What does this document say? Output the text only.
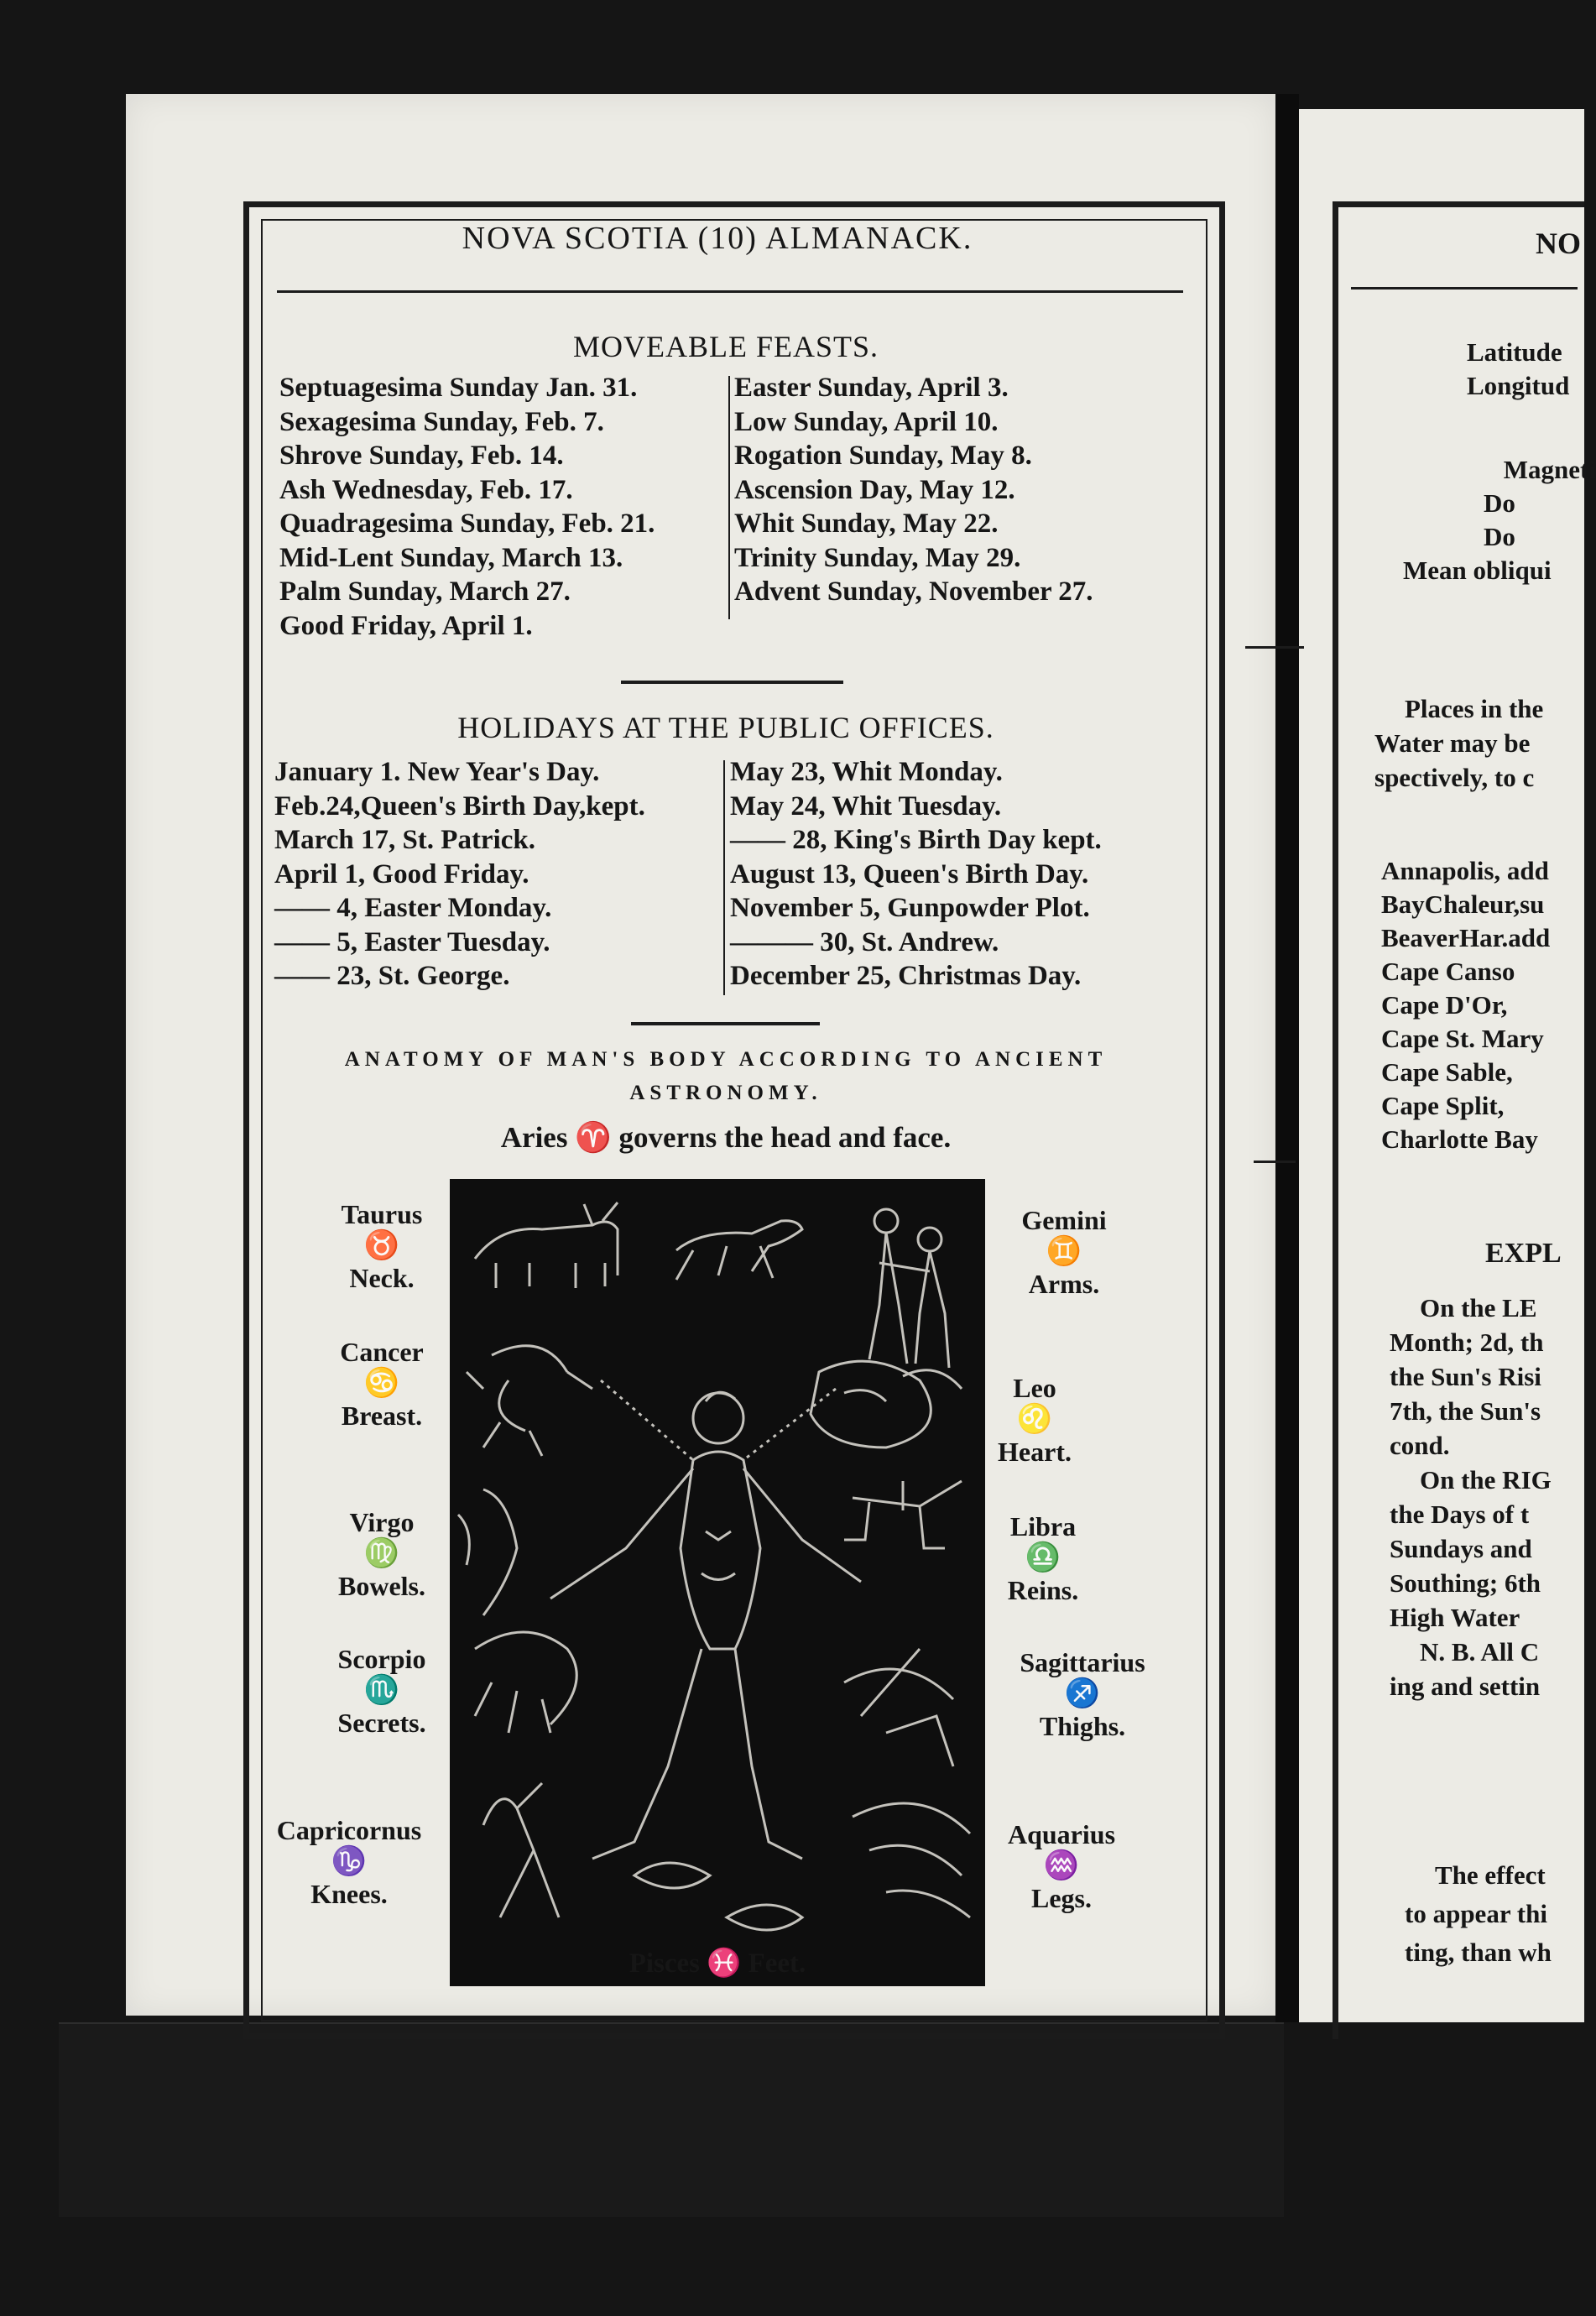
NOVA SCOTIA (10) ALMANACK.
MOVEABLE FEASTS.
Septuagesima Sunday Jan. 31.
Sexagesima Sunday, Feb. 7.
Shrove Sunday, Feb. 14.
Ash Wednesday, Feb. 17.
Quadragesima Sunday, Feb. 21.
Mid-Lent Sunday, March 13.
Palm Sunday, March 27.
Good Friday, April 1.
Easter Sunday, April 3.
Low Sunday, April 10.
Rogation Sunday, May 8.
Ascension Day, May 12.
Whit Sunday, May 22.
Trinity Sunday, May 29.
Advent Sunday, November 27.
HOLIDAYS AT THE PUBLIC OFFICES.
January 1. New Year's Day.
Feb.24,Queen's Birth Day,kept.
March 17, St. Patrick.
April 1, Good Friday.
—— 4, Easter Monday.
—— 5, Easter Tuesday.
—— 23, St. George.
May 23, Whit Monday.
May 24, Whit Tuesday.
—— 28, King's Birth Day kept.
August 13, Queen's Birth Day.
November 5, Gunpowder Plot.
——— 30, St. Andrew.
December 25, Christmas Day.
ANATOMY OF MAN'S BODY ACCORDING TO ANCIENT
ASTRONOMY.
Aries ♈ governs the head and face.
Taurus
♉
Neck.
Cancer
♋
Breast.
Virgo
♍
Bowels.
Scorpio
♏
Secrets.
Capricornus
♑
Knees.
Gemini
♊
Arms.
Leo
♌
Heart.
Libra
♎
Reins.
Sagittarius
♐
Thighs.
Aquarius
♒
Legs.
Pisces ♓ Feet.
NO
Latitude
Longitud
Magneti
Do
Do
Mean obliqui
Places in the
Water may be
spectively, to c
Annapolis, add
BayChaleur,su
BeaverHar.add
Cape Canso
Cape D'Or,
Cape St. Mary
Cape Sable,
Cape Split,
Charlotte Bay
EXPL
On the LE
Month; 2d, th
the Sun's Risi
7th, the Sun's
cond.
On the RIG
the Days of t
Sundays and
Southing; 6th
High Water
N. B. All C
ing and settin
The effect
to appear thi
ting, than wh
